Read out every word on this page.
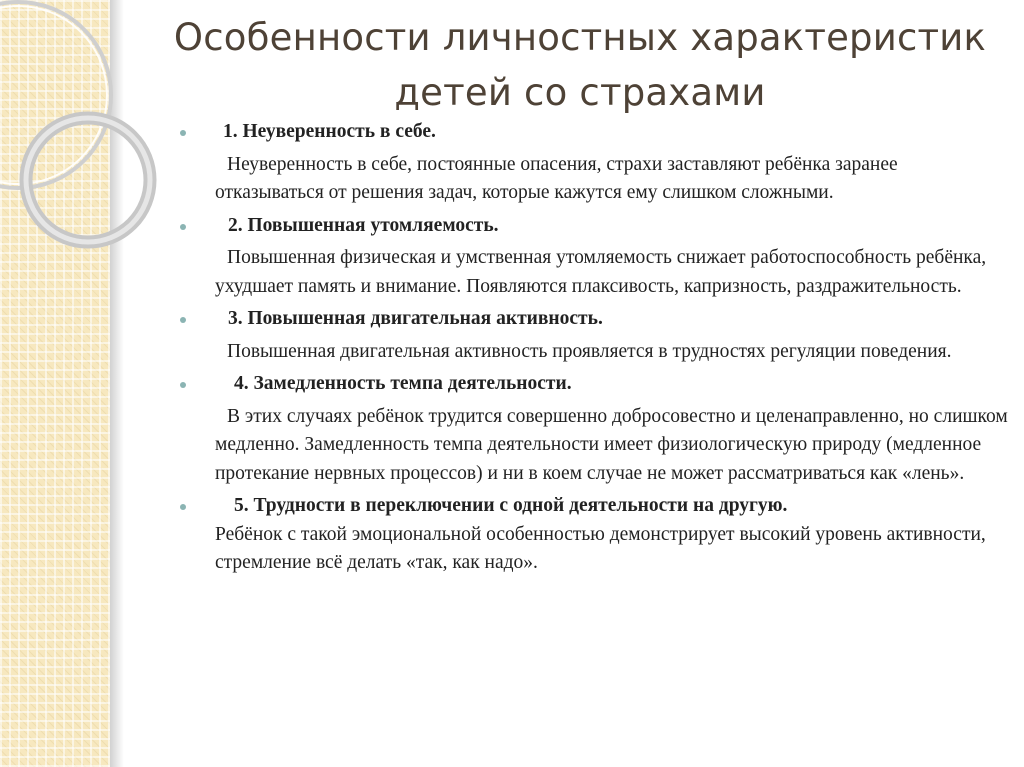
Особенности личностных характеристик
детей со страхами
1. Неуверенность в себе.
Неуверенность в себе, постоянные опасения, страхи заставляют ребёнка заранее отказываться от решения задач, которые кажутся ему слишком сложными.
2. Повышенная утомляемость.
Повышенная физическая и умственная утомляемость снижает работоспособность ребёнка, ухудшает память и внимание. Появляются плаксивость, капризность, раздражительность.
3. Повышенная двигательная активность.
Повышенная двигательная активность проявляется в трудностях регуляции поведения.
4. Замедленность темпа деятельности.
В этих случаях ребёнок трудится совершенно добросовестно и целенаправленно, но слишком медленно. Замедленность темпа деятельности имеет физиологическую природу (медленное протекание нервных процессов) и ни в коем случае не может рассматриваться как «лень».
5. Трудности в переключении с одной деятельности на другую.
Ребёнок с такой эмоциональной особенностью демонстрирует высокий уровень активности, стремление всё делать «так, как надо».
